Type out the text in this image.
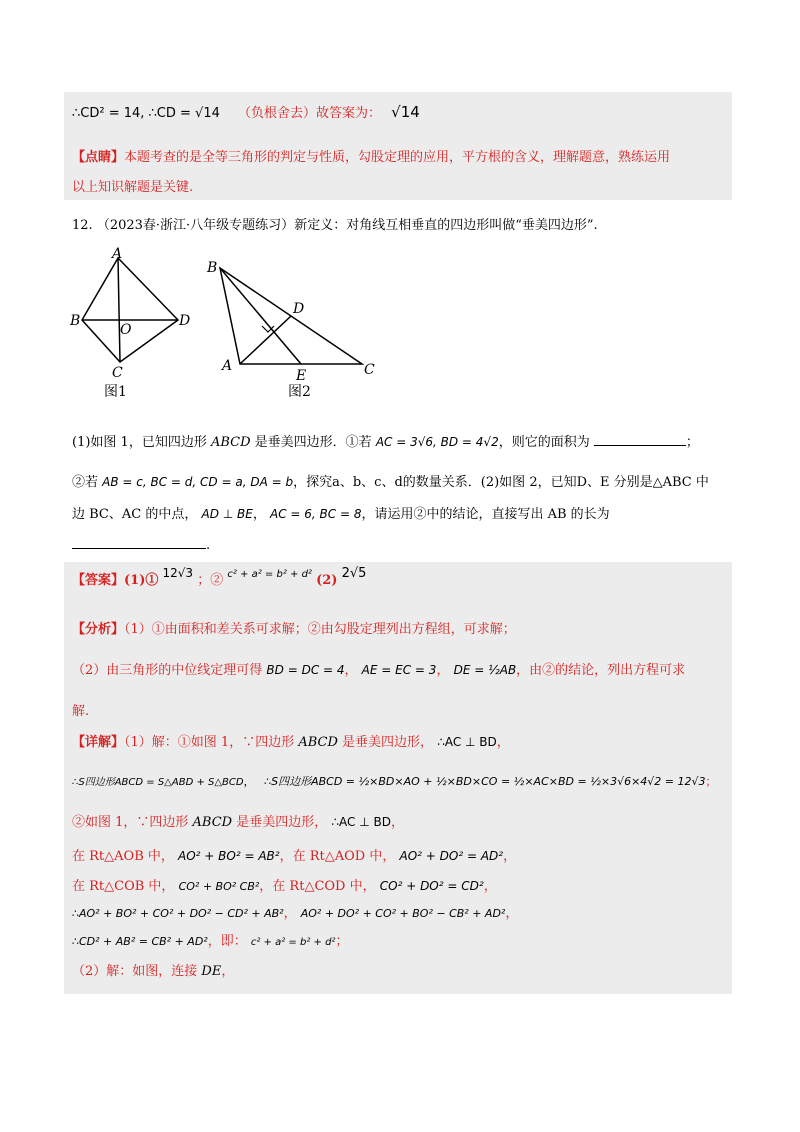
∴CD² = 14, ∴CD = √14 （负根舍去）故答案为： √14
【点睛】本题考查的是全等三角形的判定与性质，勾股定理的应用，平方根的含义，理解题意，熟练运用
以上知识解题是关键.
12. （2023春·浙江·八年级专题练习）新定义：对角线互相垂直的四边形叫做“垂美四边形”.
A
B
C
D
O
图1
B
D
A
E	C
图2
(1)如图 1，已知四边形 ABCD 是垂美四边形．①若 AC = 3√6, BD = 4√2，则它的面积为	；
②若 AB = c, BC = d, CD = a, DA = b，探究a、b、c、d的数量关系．(2)如图 2，已知D、E 分别是△ABC 中
边 BC、AC 的中点， AD ⊥ BE， AC = 6, BC = 8，请运用②中的结论，直接写出 AB 的长为
.
【答案】(1)① 12√3 ；② $^{c^2 + a^2 = b^2 + d^2}$ (2) 2√5
【分析】（1）①由面积和差关系可求解；②由勾股定理列出方程组，可求解；
（2）由三角形的中位线定理可得 BD = DC = 4， AE = EC = 3， DE = ½AB，由②的结论，列出方程可求
解.
【详解】（1）解：①如图 1，∵四边形 ABCD 是垂美四边形， ∴AC ⊥ BD，
∴S四边形ABCD = S△ABD + S△BCD， ∴S四边形ABCD = ½×BD×AO + ½×BD×CO = ½×AC×BD = ½×3√6×4√2 = 12√3；
②如图 1，∵四边形 ABCD 是垂美四边形， ∴AC ⊥ BD，
在 Rt△AOB 中， AO² + BO² = AB²，在 Rt△AOD 中， AO² + DO² = AD²，
在 Rt△COB 中， CO² + BO² CB²，在 Rt△COD 中， CO² + DO² = CD²，
∴AO² + BO² + CO² + DO² − CD² + AB²， AO² + DO² + CO² + BO² − CB² + AD²，
∴CD² + AB² = CB² + AD²，即： c² + a² = b² + d²；
（2）解：如图，连接 DE，
